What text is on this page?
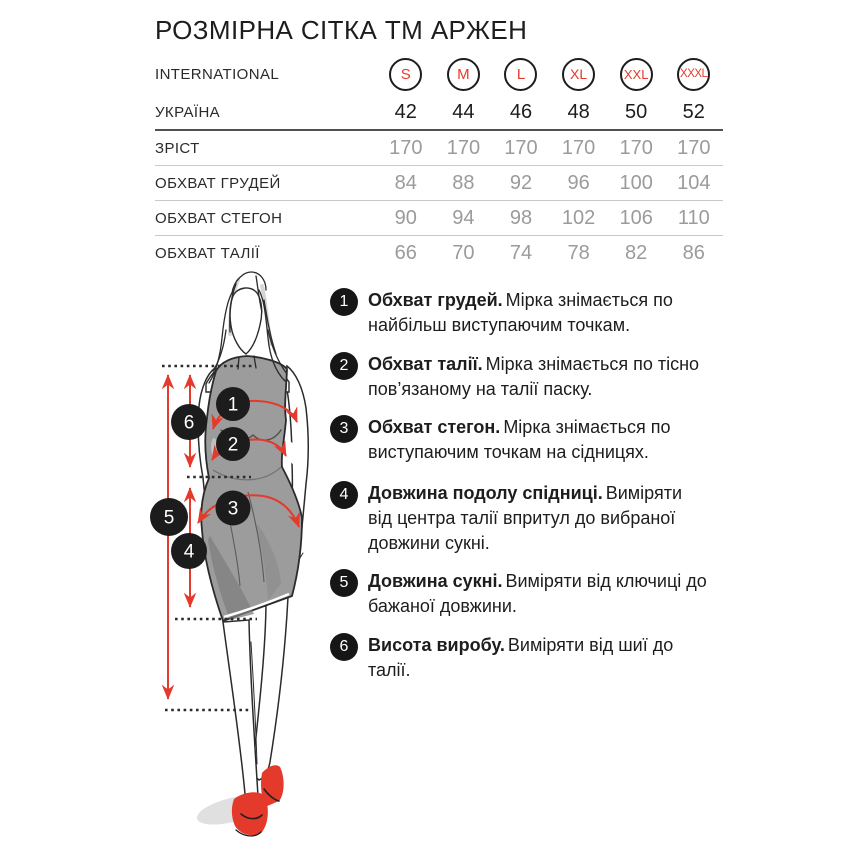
РОЗМІРНА СІТКА ТМ АРЖЕН
INTERNATIONAL	S	M	L	XL	XXL	XXXL
УКРАЇНА	42	44	46	48	50	52
ЗРІСТ	170	170	170	170	170	170
ОБХВАТ ГРУДЕЙ	84	88	92	96	100	104
ОБХВАТ СТЕГОН	90	94	98	102	106	110
ОБХВАТ ТАЛІЇ	66	70	74	78	82	86
1
2
3
6
5
4
1	Обхват грудей. Мірка знімається по найбільш виступаючим точкам.
2	Обхват талії. Мірка знімається по тісно пов’язаному на талії паску.
3	Обхват стегон. Мірка знімається по виступаючим точкам на сідницях.
4	Довжина подолу спідниці. Виміряти від центра талії впритул до вибраної довжини сукні.
5	Довжина сукні. Виміряти від ключиці до бажаної довжини.
6	Висота виробу. Виміряти від шиї до талії.
